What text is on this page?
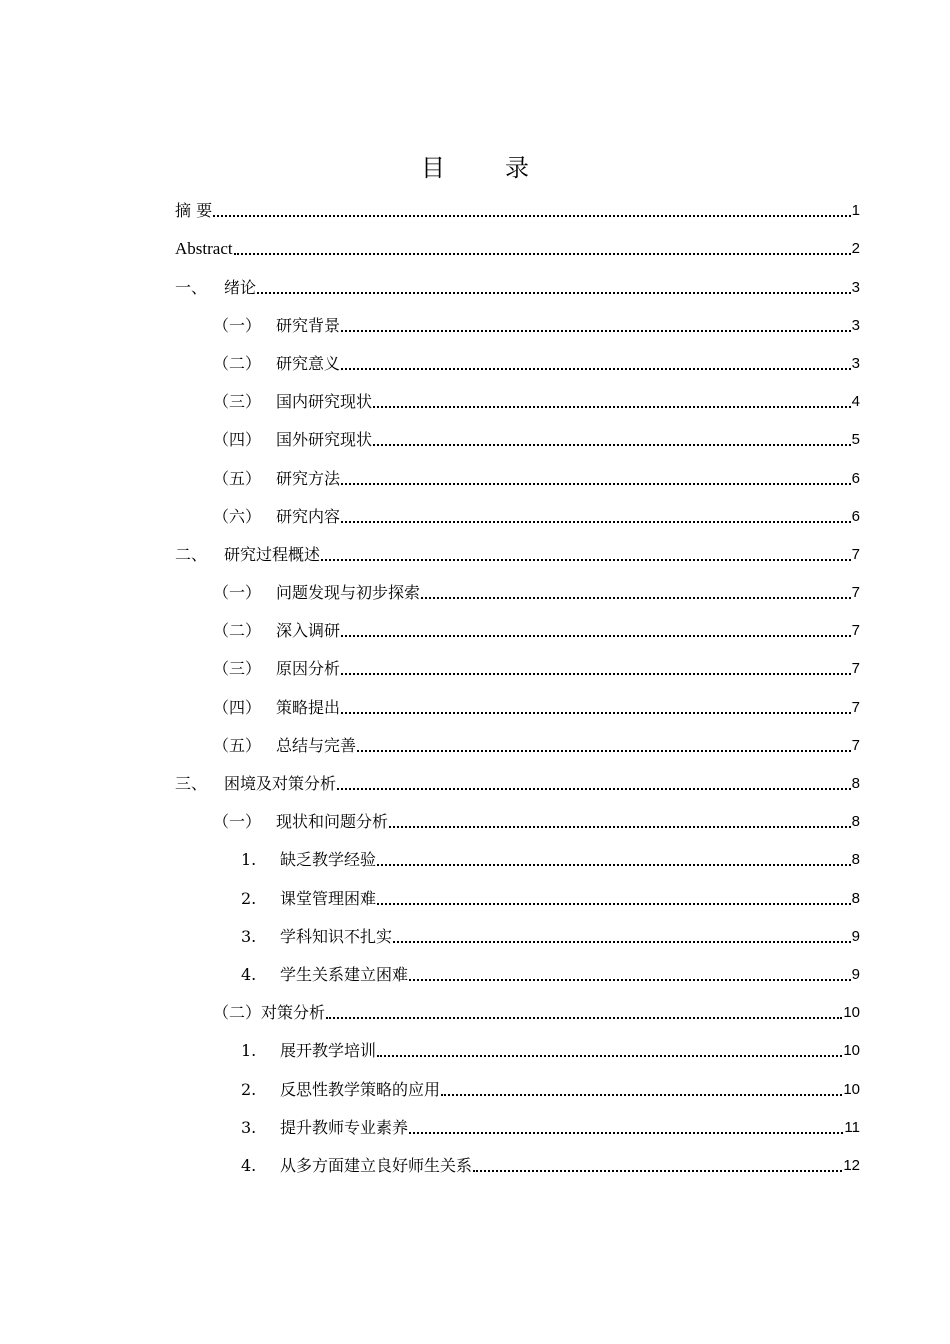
目	录
摘 要	1
Abstract	2
一、	绪论	3
（一） 研究背景	3
（二） 研究意义	3
（三） 国内研究现状	4
（四） 国外研究现状	5
（五） 研究方法	6
（六） 研究内容	6
二、	研究过程概述	7
（一） 问题发现与初步探索	7
（二） 深入调研	7
（三） 原因分析	7
（四） 策略提出	7
（五） 总结与完善	7
三、	困境及对策分析	8
（一） 现状和问题分析	8
1.	缺乏教学经验	8
2.	课堂管理困难	8
3.	学科知识不扎实	9
4.	学生关系建立困难	9
（二） 对策分析	10
1.	展开教学培训	10
2.	反思性教学策略的应用	10
3.	提升教师专业素养	11
4.	从多方面建立良好师生关系	12
